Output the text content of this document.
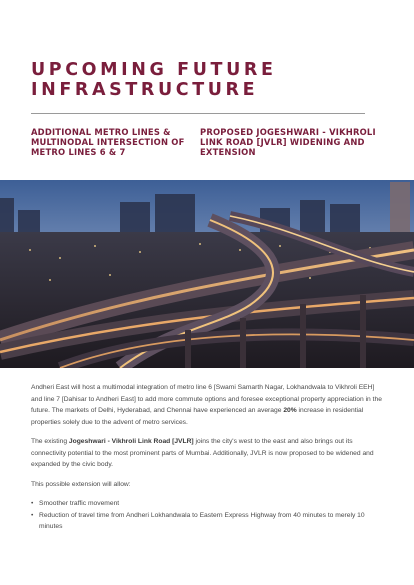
UPCOMING FUTURE
INFRASTRUCTURE
ADDITIONAL METRO LINES & MULTINODAL INTERSECTION OF METRO LINES 6 & 7
PROPOSED JOGESHWARI - VIKHROLI LINK ROAD [JVLR] WIDENING AND EXTENSION

Andheri East will host a multimodal integration of metro line 6 [Swami Samarth Nagar, Lokhandwala to Vikhroli EEH] and line 7 [Dahisar to Andheri East] to add more commute options and foresee exceptional property appreciation in the future. The markets of Delhi, Hyderabad, and Chennai have experienced an average 20% increase in residential properties solely due to the advent of metro services.

The existing Jogeshwari - Vikhroli Link Road [JVLR] joins the city's west to the east and also brings out its connectivity potential to the most prominent parts of Mumbai. Additionally, JVLR is now proposed to be widened and expanded by the civic body.

This possible extension will allow:

• Smoother traffic movement
• Reduction of travel time from Andheri Lokhandwala to Eastern Express Highway from 40 minutes to merely 10 minutes
